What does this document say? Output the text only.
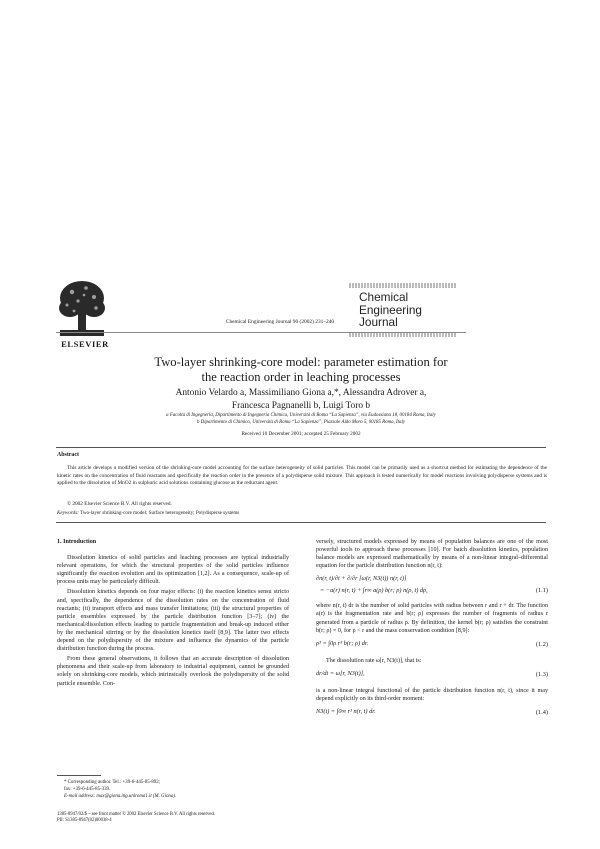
ELSEVIER
Chemical Engineering Journal 90 (2002) 231–240
Chemical
Engineering
Journal
Two-layer shrinking-core model: parameter estimation for
the reaction order in leaching processes
Antonio Velardo a, Massimiliano Giona a,*, Alessandra Adrover a,
Francesca Pagnanelli b, Luigi Toro b
a Facoltà di Ingegneria, Dipartimento di Ingegneria Chimica, Università di Roma “La Sapienza”, via Eudossiana 18, 00184 Roma, Italy
b Dipartimento di Chimica, Università di Roma “La Sapienza”, Piazzale Aldo Moro 5, 00185 Roma, Italy
Received 10 December 2001; accepted 25 February 2002
Abstract
This article develops a modified version of the shrinking-core model accounting for the surface heterogeneity of solid particles. This model can be primarily used as a shortcut method for estimating the dependence of the kinetic rates on the concentration of fluid reactants and specifically the reaction order in the presence of a polydisperse solid mixture. This approach is tested numerically for model reactions involving polydisperse systems and is applied to the dissolution of MnO2 in sulphuric acid solutions containing glucose as the reductant agent.
© 2002 Elsevier Science B.V. All rights reserved.
Keywords: Two-layer shrinking-core model; Surface heterogeneity; Polydisperse systems
1. Introduction

Dissolution kinetics of solid particles and leaching processes are typical industrially relevant operations, for which the structural properties of the solid particles influence significantly the reaction evolution and its optimization [1,2]. As a consequence, scale-up of process units may be particularly difficult.

Dissolution kinetics depends on four major effects: (i) the reaction kinetics sensu stricto and, specifically, the dependence of the dissolution rates on the concentration of fluid reactants; (ii) transport effects and mass transfer limitations; (iii) the structural properties of particle ensembles expressed by the particle distribution function [3–7]; (iv) the mechanical/dissolution effects leading to particle fragmentation and break-up induced either by the mechanical stirring or by the dissolution kinetics itself [8,9]. The latter two effects depend on the polydispersity of the mixture and influence the dynamics of the particle distribution function during the process.

From these general observations, it follows that an accurate description of dissolution phenomena and their scale-up from laboratory to industrial equipment, cannot be grounded solely on shrinking-core models, which intrinsically overlook the polydispersity of the solid particle ensemble. Con-

versely, structured models expressed by means of population balances are one of the most powerful tools to approach these processes [10]. For batch dissolution kinetics, population balance models are expressed mathematically by means of a non-linear integral–differential equation for the particle distribution function n(r, t):

∂n(r, t)/∂t + ∂/∂r [ω(r, N3(t)) n(r, t)]
= −a(r) n(r, t) + ∫r∞ a(ρ) b(r; ρ) n(ρ, t) dρ,	(1.1)

where n(r, t) dr is the number of solid particles with radius between r and r + dr. The function a(r) is the fragmentation rate and b(r; ρ) expresses the number of fragments of radius r generated from a particle of radius ρ. By definition, the kernel b(r; ρ) satisfies the constraint b(r; ρ) = 0, for ρ < r and the mass conservation condition [8,9]:

ρ³ = ∫0ρ r³ b(r; ρ) dr.	(1.2)

The dissolution rate ω[r, N3(t)], that is:

dr/dt = ω[r, N3(t)],	(1.3)

is a non-linear integral functional of the particle distribution function n(r, t), since it may depend explicitly on its third-order moment:

N3(t) = ∫0∞ r³ n(r, t) dr.	(1.4)
* Corresponding author. Tel.: +39-6-445-85-892;
fax: +39-6-445-85-339.
E-mail address: max@giona.ing.uniroma1.it (M. Giona).
1385-8947/02/$ – see front matter © 2002 Elsevier Science B.V. All rights reserved.
PII: S1385-8947(02)00038-4
